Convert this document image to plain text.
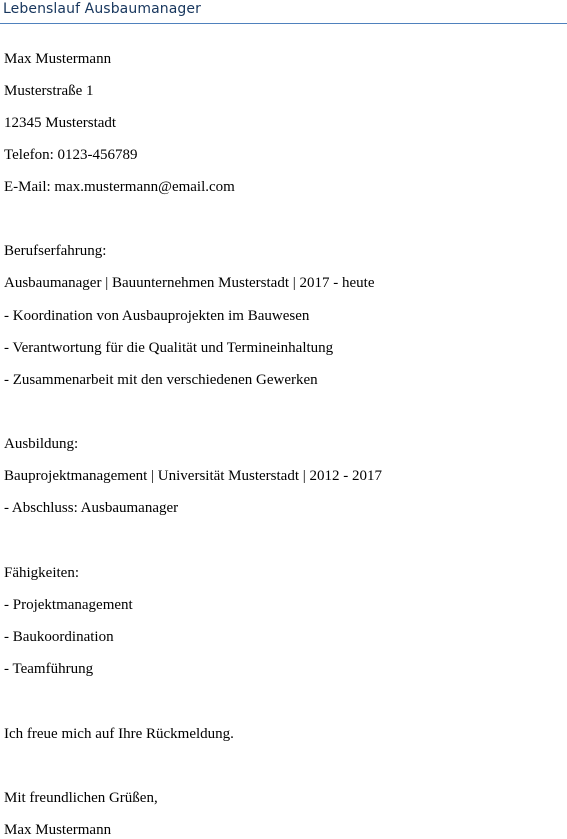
Lebenslauf Ausbaumanager
Max Mustermann
Musterstraße 1
12345 Musterstadt
Telefon: 0123-456789
E-Mail: max.mustermann@email.com
Berufserfahrung:
Ausbaumanager | Bauunternehmen Musterstadt | 2017 - heute
- Koordination von Ausbauprojekten im Bauwesen
- Verantwortung für die Qualität und Termineinhaltung
- Zusammenarbeit mit den verschiedenen Gewerken
Ausbildung:
Bauprojektmanagement | Universität Musterstadt | 2012 - 2017
- Abschluss: Ausbaumanager
Fähigkeiten:
- Projektmanagement
- Baukoordination
- Teamführung
Ich freue mich auf Ihre Rückmeldung.
Mit freundlichen Grüßen,
Max Mustermann
